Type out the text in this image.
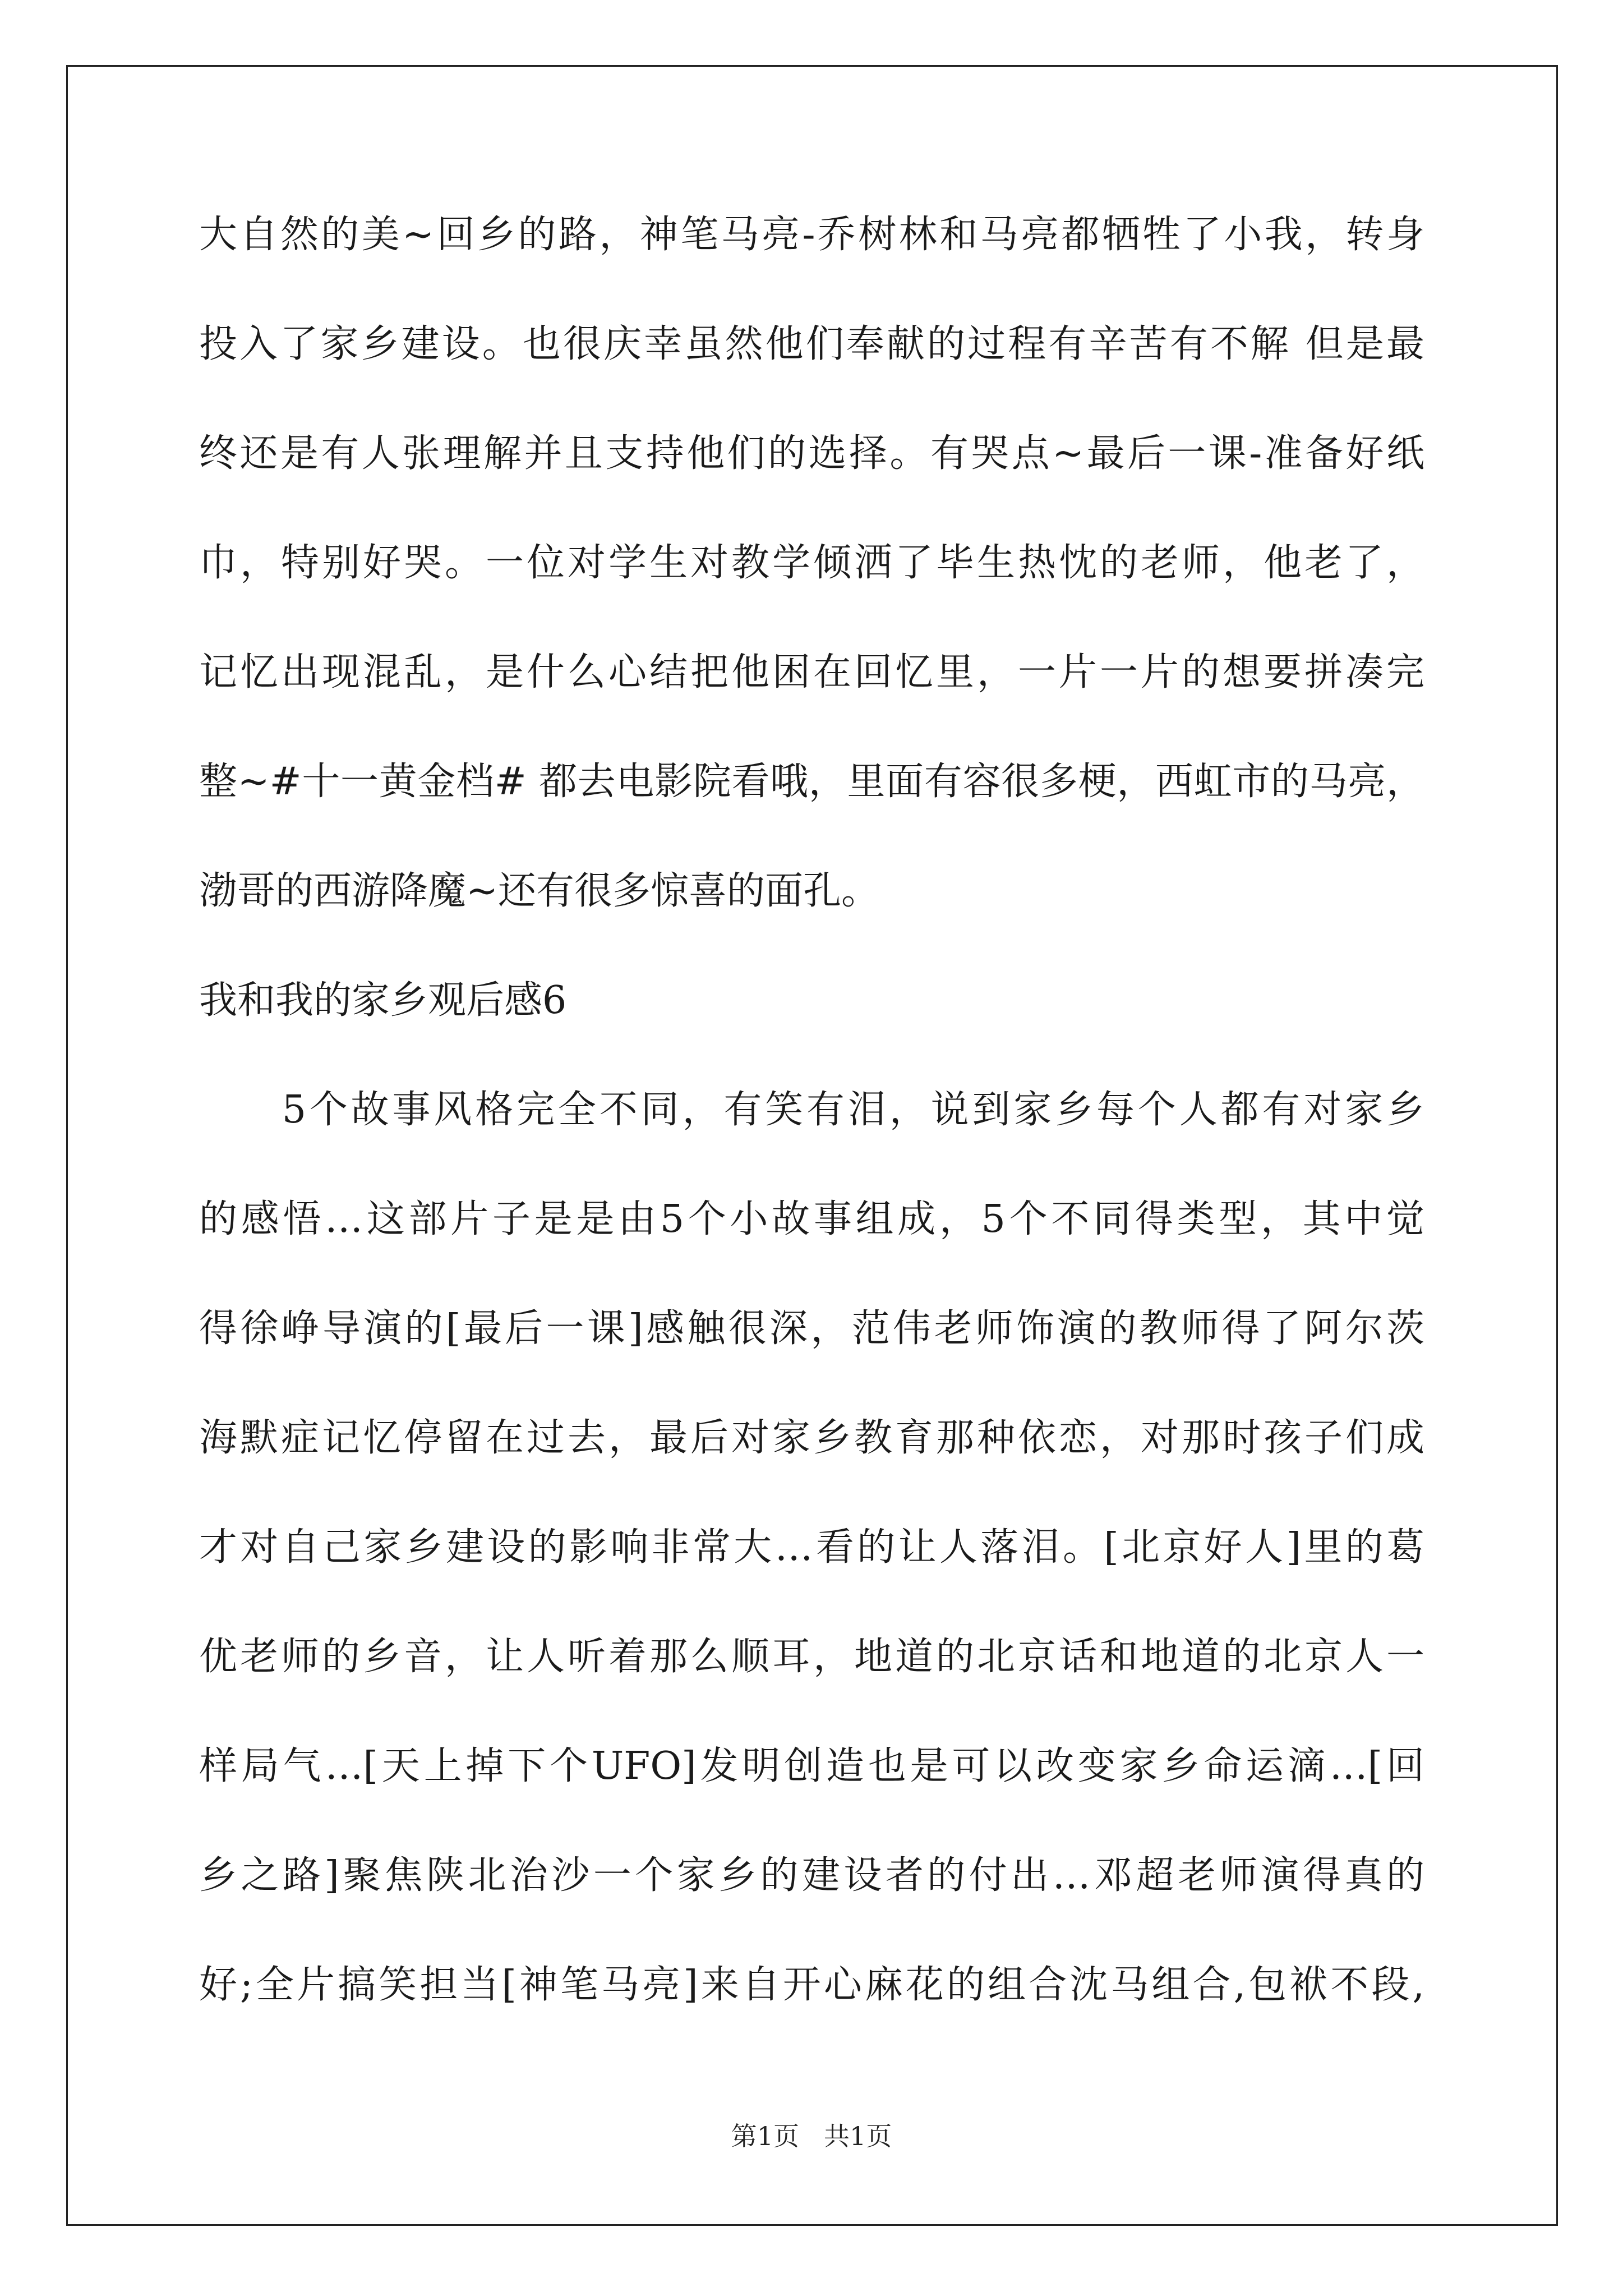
大自然的美~回乡的路，神笔马亮-乔树林和马亮都牺牲了小我，转身
投入了家乡建设。也很庆幸虽然他们奉献的过程有辛苦有不解 但是最
终还是有人张理解并且支持他们的选择。有哭点~最后一课-准备好纸
巾，特别好哭。一位对学生对教学倾洒了毕生热忱的老师，他老了，
记忆出现混乱，是什么心结把他困在回忆里，一片一片的想要拼凑完
整~#十一黄金档# 都去电影院看哦，里面有容很多梗，西虹市的马亮，
渤哥的西游降魔~还有很多惊喜的面孔。
我和我的家乡观后感6
　　5个故事风格完全不同，有笑有泪，说到家乡每个人都有对家乡
的感悟…这部片子是是由5个小故事组成，5个不同得类型，其中觉
得徐峥导演的[最后一课]感触很深，范伟老师饰演的教师得了阿尔茨
海默症记忆停留在过去，最后对家乡教育那种依恋，对那时孩子们成
才对自己家乡建设的影响非常大…看的让人落泪。[北京好人]里的葛
优老师的乡音，让人听着那么顺耳，地道的北京话和地道的北京人一
样局气…[天上掉下个UFO]发明创造也是可以改变家乡命运滴…[回
乡之路]聚焦陕北治沙一个家乡的建设者的付出…邓超老师演得真的
好;全片搞笑担当[神笔马亮]来自开心麻花的组合沈马组合,包袱不段,
第1页 共1页
